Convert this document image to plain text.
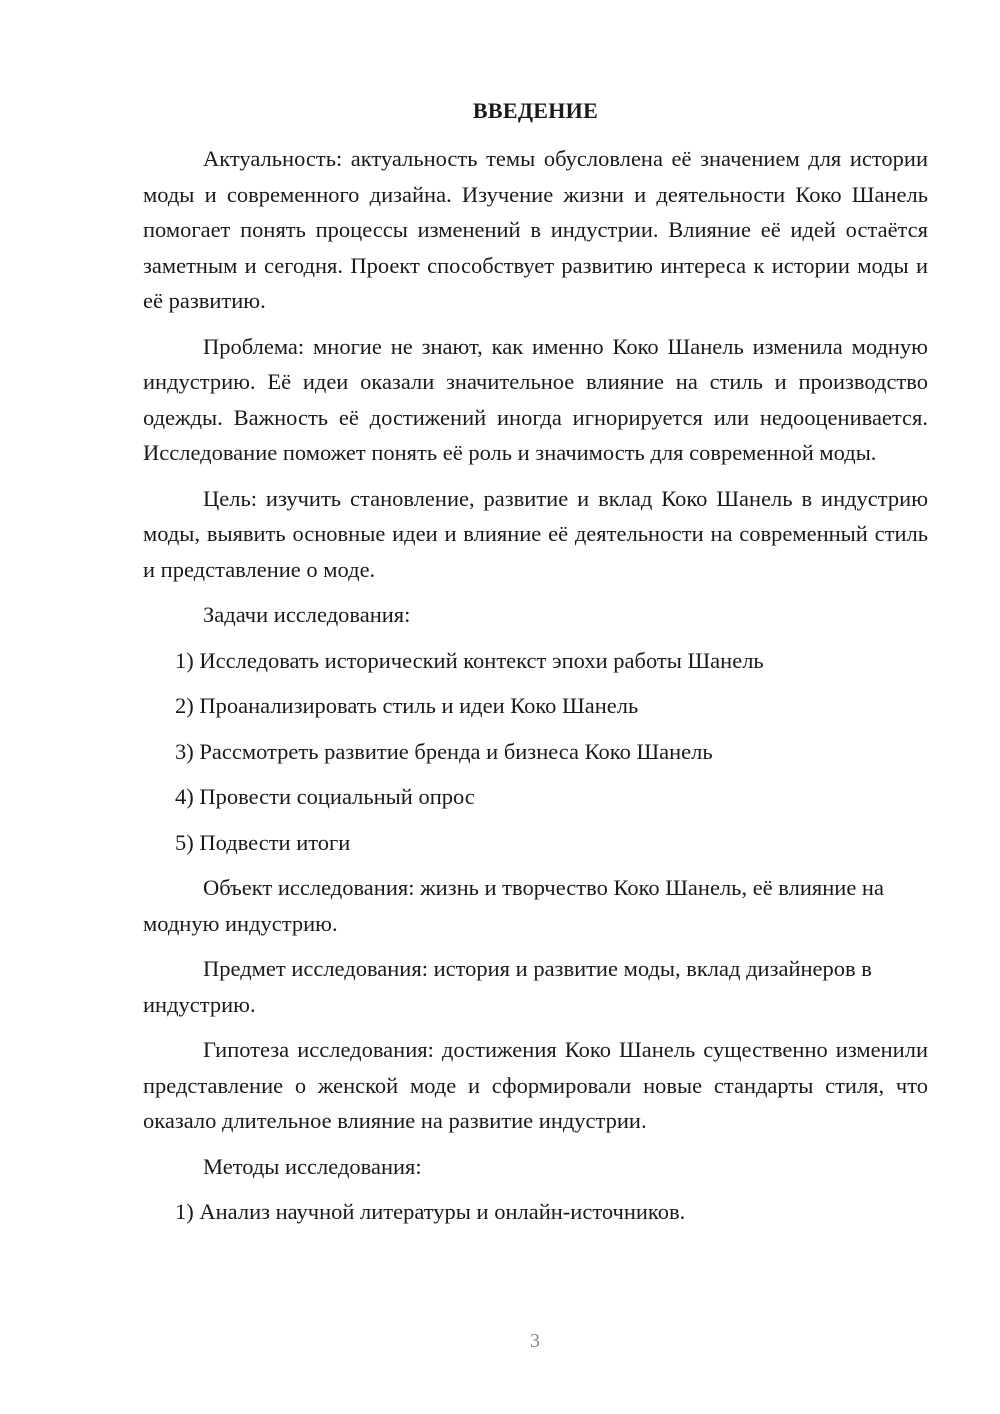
ВВЕДЕНИЕ

Актуальность: актуальность темы обусловлена её значением для истории моды и современного дизайна. Изучение жизни и деятельности Коко Шанель помогает понять процессы изменений в индустрии. Влияние её идей остаётся заметным и сегодня. Проект способствует развитию интереса к истории моды и её развитию.

Проблема: многие не знают, как именно Коко Шанель изменила модную индустрию. Её идеи оказали значительное влияние на стиль и производство одежды. Важность её достижений иногда игнорируется или недооценивается. Исследование поможет понять её роль и значимость для современной моды.

Цель: изучить становление, развитие и вклад Коко Шанель в индустрию моды, выявить основные идеи и влияние её деятельности на современный стиль и представление о моде.

Задачи исследования:

1) Исследовать исторический контекст эпохи работы Шанель

2) Проанализировать стиль и идеи Коко Шанель

3) Рассмотреть развитие бренда и бизнеса Коко Шанель

4) Провести социальный опрос

5) Подвести итоги

Объект исследования: жизнь и творчество Коко Шанель, её влияние на модную индустрию.

Предмет исследования: история и развитие моды, вклад дизайнеров в индустрию.

Гипотеза исследования: достижения Коко Шанель существенно изменили представление о женской моде и сформировали новые стандарты стиля, что оказало длительное влияние на развитие индустрии.

Методы исследования:

1) Анализ научной литературы и онлайн-источников.

3
